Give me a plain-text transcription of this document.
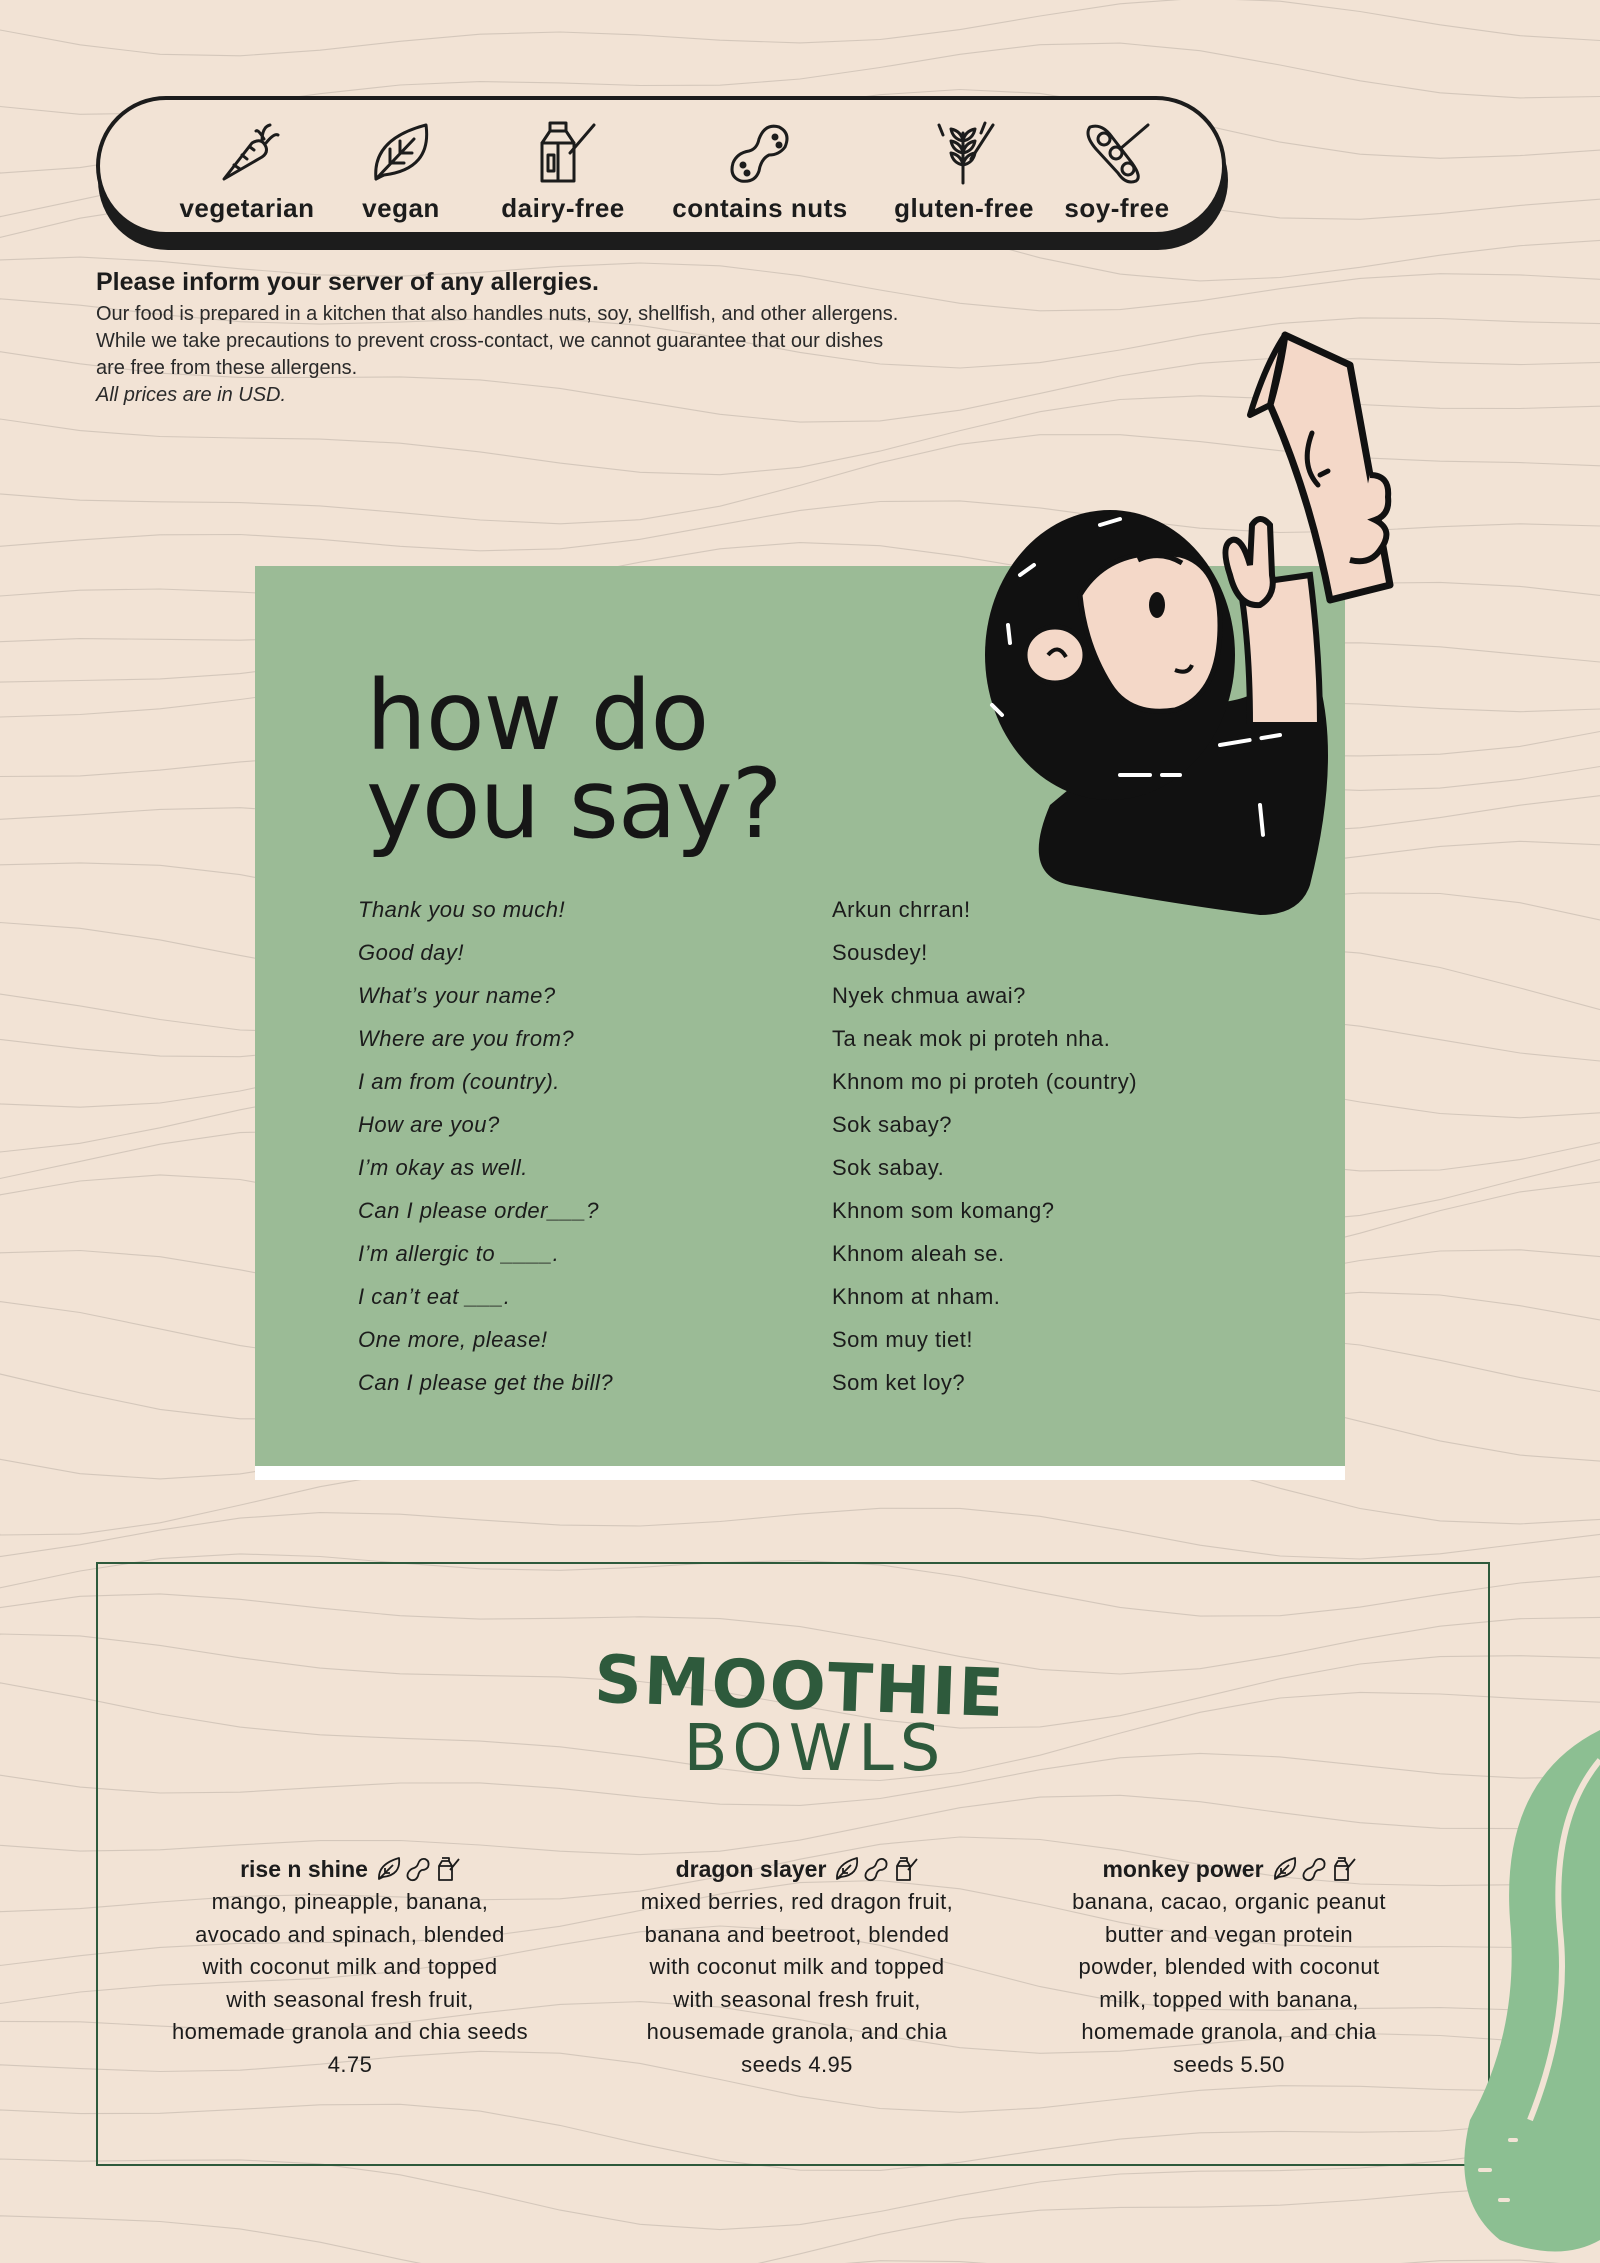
vegetarian vegan dairy-free contains nuts gluten-free soy-free
Please inform your server of any allergies.
Our food is prepared in a kitchen that also handles nuts, soy, shellfish, and other allergens. While we take precautions to prevent cross-contact, we cannot guarantee that our dishes are free from these allergens.
All prices are in USD.
how do
you say?
Thank you so much!	Arkun chrran!
Good day!	Sousdey!
What’s your name?	Nyek chmua awai?
Where are you from?	Ta neak mok pi proteh nha.
I am from (country).	Khnom mo pi proteh (country)
How are you?	Sok sabay?
I’m okay as well.	Sok sabay.
Can I please order___?	Khnom som komang?
I’m allergic to ____.	Khnom aleah se.
I can’t eat ___.	Khnom at nham.
One more, please!	Som muy tiet!
Can I please get the bill?	Som ket loy?
SMOOTHIE
BOWLS
rise n shine
mango, pineapple, banana,
avocado and spinach, blended
with coconut milk and topped
with seasonal fresh fruit,
homemade granola and chia seeds
4.75
dragon slayer
mixed berries, red dragon fruit,
banana and beetroot, blended
with coconut milk and topped
with seasonal fresh fruit,
housemade granola, and chia
seeds 4.95
monkey power
banana, cacao, organic peanut
butter and vegan protein
powder, blended with coconut
milk, topped with banana,
homemade granola, and chia
seeds 5.50
